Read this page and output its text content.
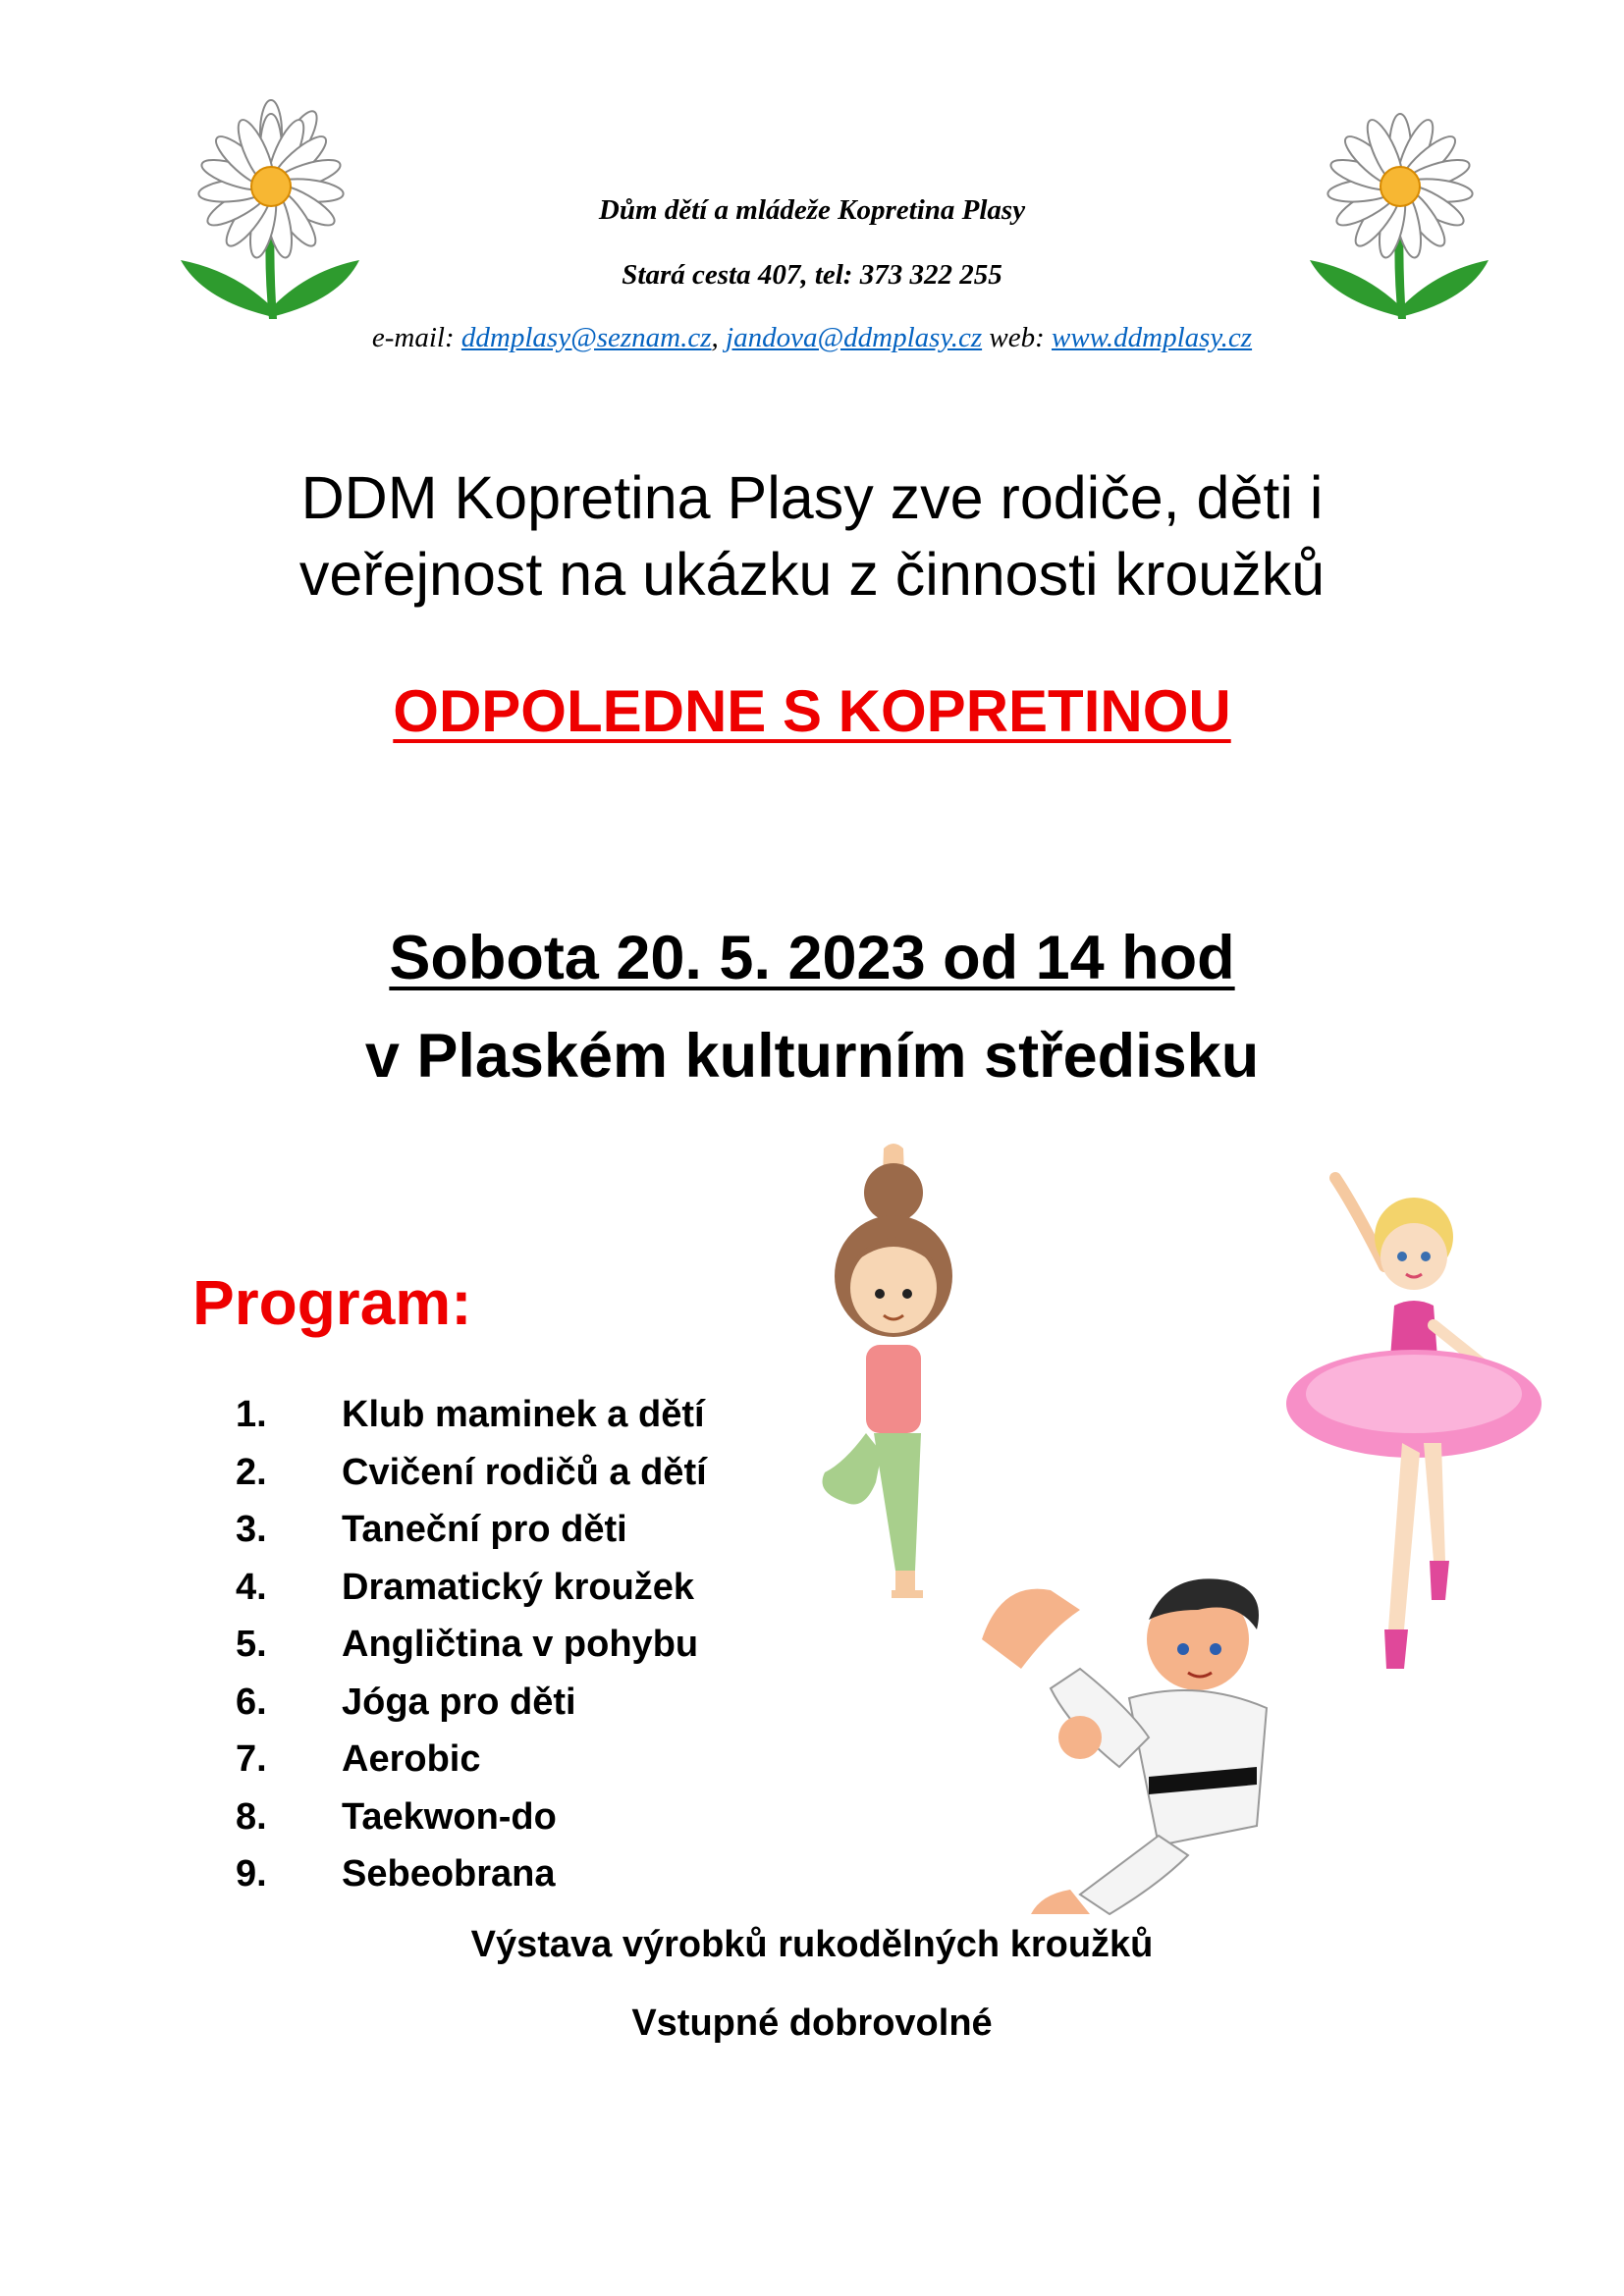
Dům dětí a mládeže Kopretina Plasy
Stará cesta 407, tel: 373 322 255
e-mail: ddmplasy@seznam.cz, jandova@ddmplasy.cz web: www.ddmplasy.cz
DDM Kopretina Plasy zve rodiče, děti i
veřejnost na ukázku z činnosti kroužků
ODPOLEDNE S KOPRETINOU
Sobota 20. 5. 2023 od 14 hod
v Plaském kulturním středisku
Program:
1. Klub maminek a dětí
2. Cvičení rodičů a dětí
3. Taneční pro děti
4. Dramatický kroužek
5. Angličtina v pohybu
6. Jóga pro děti
7. Aerobic
8. Taekwon-do
9. Sebeobrana
Výstava výrobků rukodělných kroužků
Vstupné dobrovolné
